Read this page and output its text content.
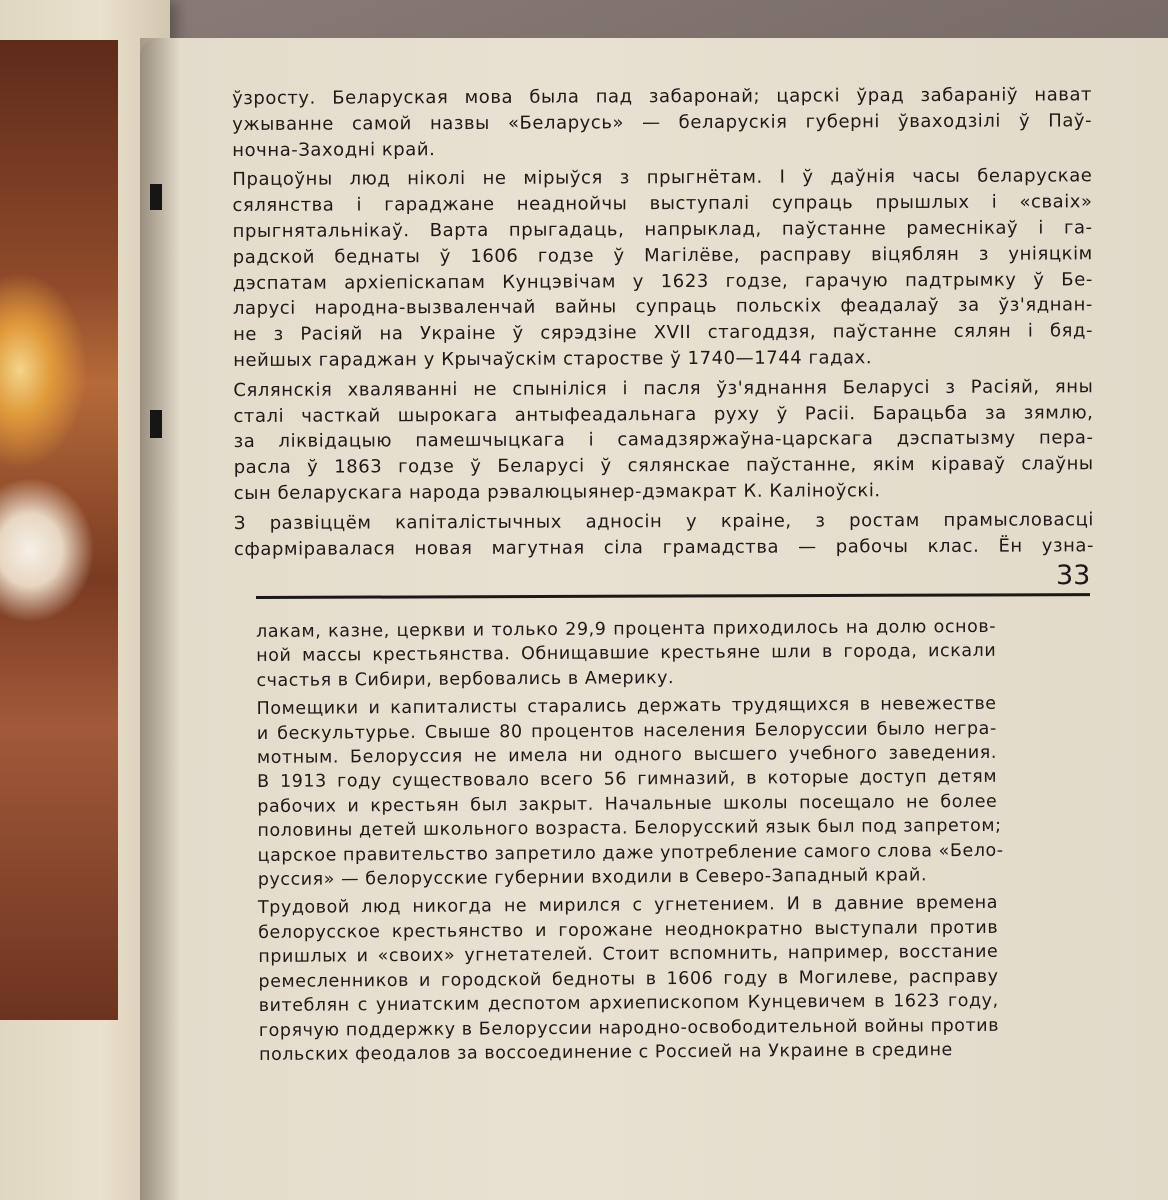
ўзросту. Беларуская мова была пад забаронай; царскі ўрад забараніў нават
ужыванне самой назвы «Беларусь» — беларускія губерні ўваходзілі ў Паў-
ночна-Заходні край.

Працоўны люд ніколі не мірыўся з прыгнётам. І ў даўнія часы беларускае
сялянства і гараджане неаднойчы выступалі супраць прышлых і «сваіх»
прыгнятальнікаў. Варта прыгадаць, напрыклад, паўстанне рамеснікаў і га-
радской беднаты ў 1606 годзе ў Магілёве, расправу віцяблян з уніяцкім
дэспатам архіепіскапам Кунцэвічам у 1623 годзе, гарачую падтрымку ў Бе-
ларусі народна-вызваленчай вайны супраць польскіх феадалаў за ўз'яднан-
не з Расіяй на Украіне ў сярэдзіне XVII стагоддзя, паўстанне сялян і бяд-
нейшых гараджан у Крычаўскім старостве ў 1740—1744 гадах.

Сялянскія хваляванні не спыніліся і пасля ўз'яднання Беларусі з Расіяй, яны
сталі часткай шырокага антыфеадальнага руху ў Расіі. Барацьба за зямлю,
за ліквідацыю памешчыцкага і самадзяржаўна-царскага дэспатызму пера-
расла ў 1863 годзе ў Беларусі ў сялянскае паўстанне, якім кіраваў слаўны
сын беларускага народа рэвалюцыянер-дэмакрат К. Каліноўскі.

З развіццём капіталістычных адносін у краіне, з ростам прамысловасці
сфарміравалася новая магутная сіла грамадства — рабочы клас. Ён узна-

33

лакам, казне, церкви и только 29,9 процента приходилось на долю основ-
ной массы крестьянства. Обнищавшие крестьяне шли в города, искали
счастья в Сибири, вербовались в Америку.

Помещики и капиталисты старались держать трудящихся в невежестве
и бескультурье. Свыше 80 процентов населения Белоруссии было негра-
мотным. Белоруссия не имела ни одного высшего учебного заведения.
В 1913 году существовало всего 56 гимназий, в которые доступ детям
рабочих и крестьян был закрыт. Начальные школы посещало не более
половины детей школьного возраста. Белорусский язык был под запретом;
царское правительство запретило даже употребление самого слова «Бело-
руссия» — белорусские губернии входили в Северо-Западный край.

Трудовой люд никогда не мирился с угнетением. И в давние времена
белорусское крестьянство и горожане неоднократно выступали против
пришлых и «своих» угнетателей. Стоит вспомнить, например, восстание
ремесленников и городской бедноты в 1606 году в Могилеве, расправу
витеблян с униатским деспотом архиепископом Кунцевичем в 1623 году,
горячую поддержку в Белоруссии народно-освободительной войны против
польских феодалов за воссоединение с Россией на Украине в средине
